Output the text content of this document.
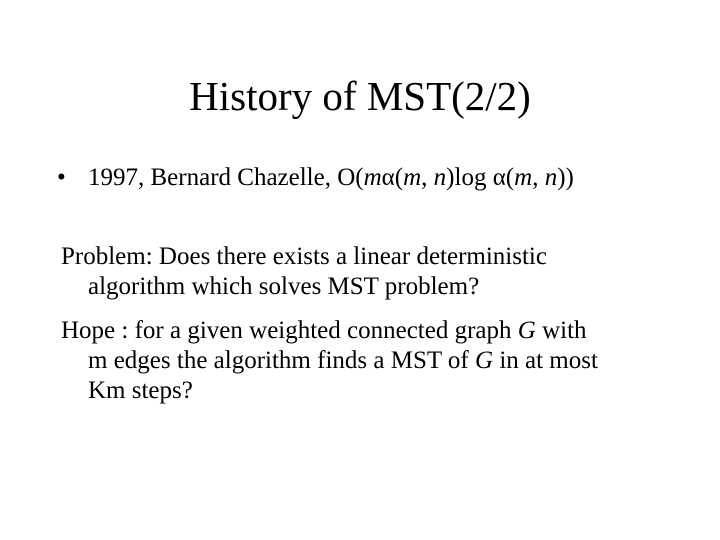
History of MST(2/2)
• 1997, Bernard Chazelle, O(mα(m, n)log α(m, n))
Problem: Does there exists a linear deterministic
algorithm which solves MST problem?
Hope : for a given weighted connected graph G with
m edges the algorithm finds a MST of G in at most
Km steps?
